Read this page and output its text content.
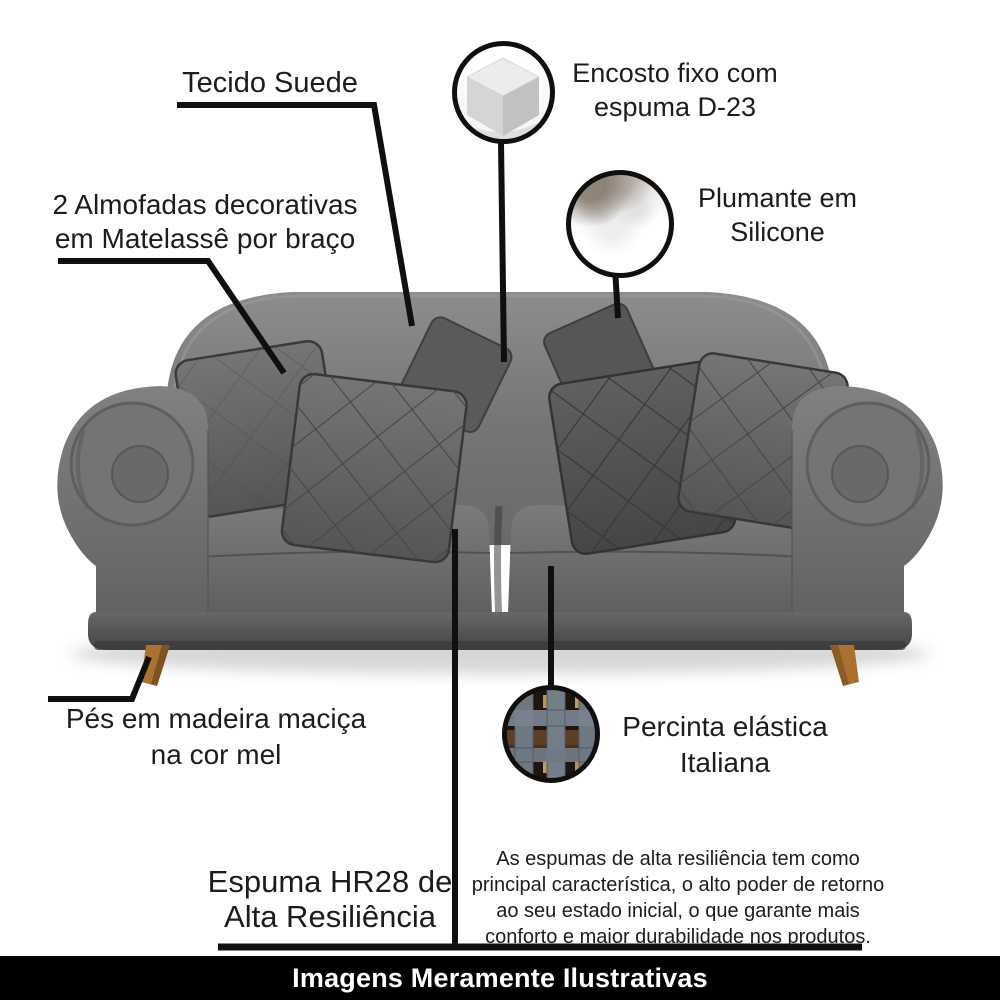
Tecido Suede	Encosto fixo com
espuma D-23
Plumante em
Silicone
2 Almofadas decorativas
em Matelassê por braço
Pés em madeira maciça
na cor mel
Percinta elástica
Italiana
Espuma HR28 de
Alta Resiliência
As espumas de alta resiliência tem como
principal característica, o alto poder de retorno
ao seu estado inicial, o que garante mais
conforto e maior durabilidade nos produtos.
Imagens Meramente Ilustrativas
